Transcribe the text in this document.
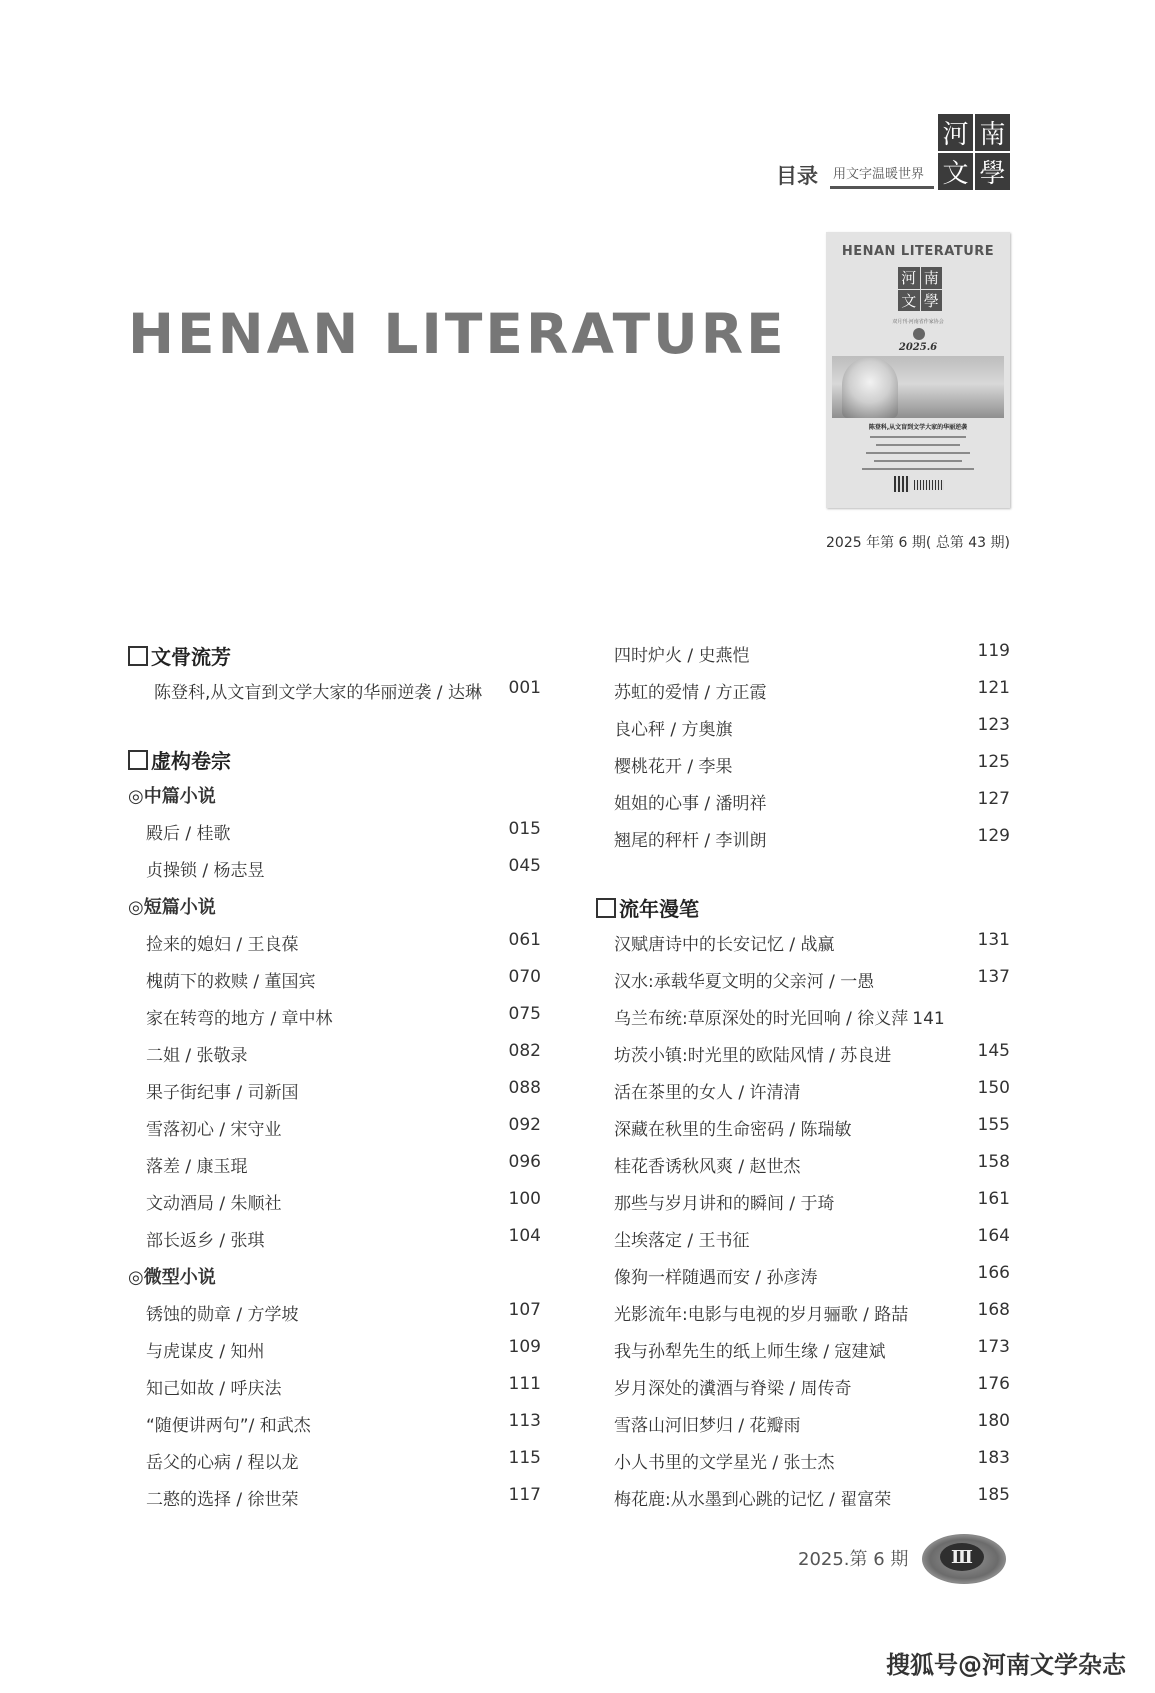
目录 用文字温暖世界
河 南
文 學
HENAN LITERATURE
HENAN LITERATURE
河 南
文 學
双月刊·河南省作家协会
2025.6
陈登科,从文盲到文学大家的华丽逆袭
2025 年第 6 期( 总第 43 期)
文骨流芳
陈登科,从文盲到文学大家的华丽逆袭 / 达琳 001
虚构卷宗
◎中篇小说
殿后 / 桂歌	015
贞操锁 / 杨志昱	045
◎短篇小说
捡来的媳妇 / 王良葆	061
槐荫下的救赎 / 董国宾	070
家在转弯的地方 / 章中林	075
二姐 / 张敬录	082
果子街纪事 / 司新国	088
雪落初心 / 宋守业	092
落差 / 康玉琨	096
文动酒局 / 朱顺社	100
部长返乡 / 张琪	104
◎微型小说
锈蚀的勋章 / 方学坡	107
与虎谋皮 / 知州	109
知己如故 / 呼庆法	111
“随便讲两句”/ 和武杰	113
岳父的心病 / 程以龙	115
二憨的选择 / 徐世荣	117
四时炉火 / 史燕恺	119
苏虹的爱情 / 方正霞	121
良心秤 / 方奥旗	123
樱桃花开 / 李果	125
姐姐的心事 / 潘明祥	127
翘尾的秤杆 / 李训朗	129
流年漫笔
汉赋唐诗中的长安记忆 / 战赢	131
汉水:承载华夏文明的父亲河 / 一愚	137
乌兰布统:草原深处的时光回响 / 徐义萍 141
坊茨小镇:时光里的欧陆风情 / 苏良进	145
活在茶里的女人 / 许清清	150
深藏在秋里的生命密码 / 陈瑞敏	155
桂花香诱秋风爽 / 赵世杰	158
那些与岁月讲和的瞬间 / 于琦	161
尘埃落定 / 王书征	164
像狗一样随遇而安 / 孙彦涛	166
光影流年:电影与电视的岁月骊歌 / 路喆	168
我与孙犁先生的纸上师生缘 / 寇建斌	173
岁月深处的瀵酒与脊梁 / 周传奇	176
雪落山河旧梦归 / 花瓣雨	180
小人书里的文学星光 / 张士杰	183
梅花鹿:从水墨到心跳的记忆 / 翟富荣	185
2025.第 6 期	Ⅲ
搜狐号@河南文学杂志
